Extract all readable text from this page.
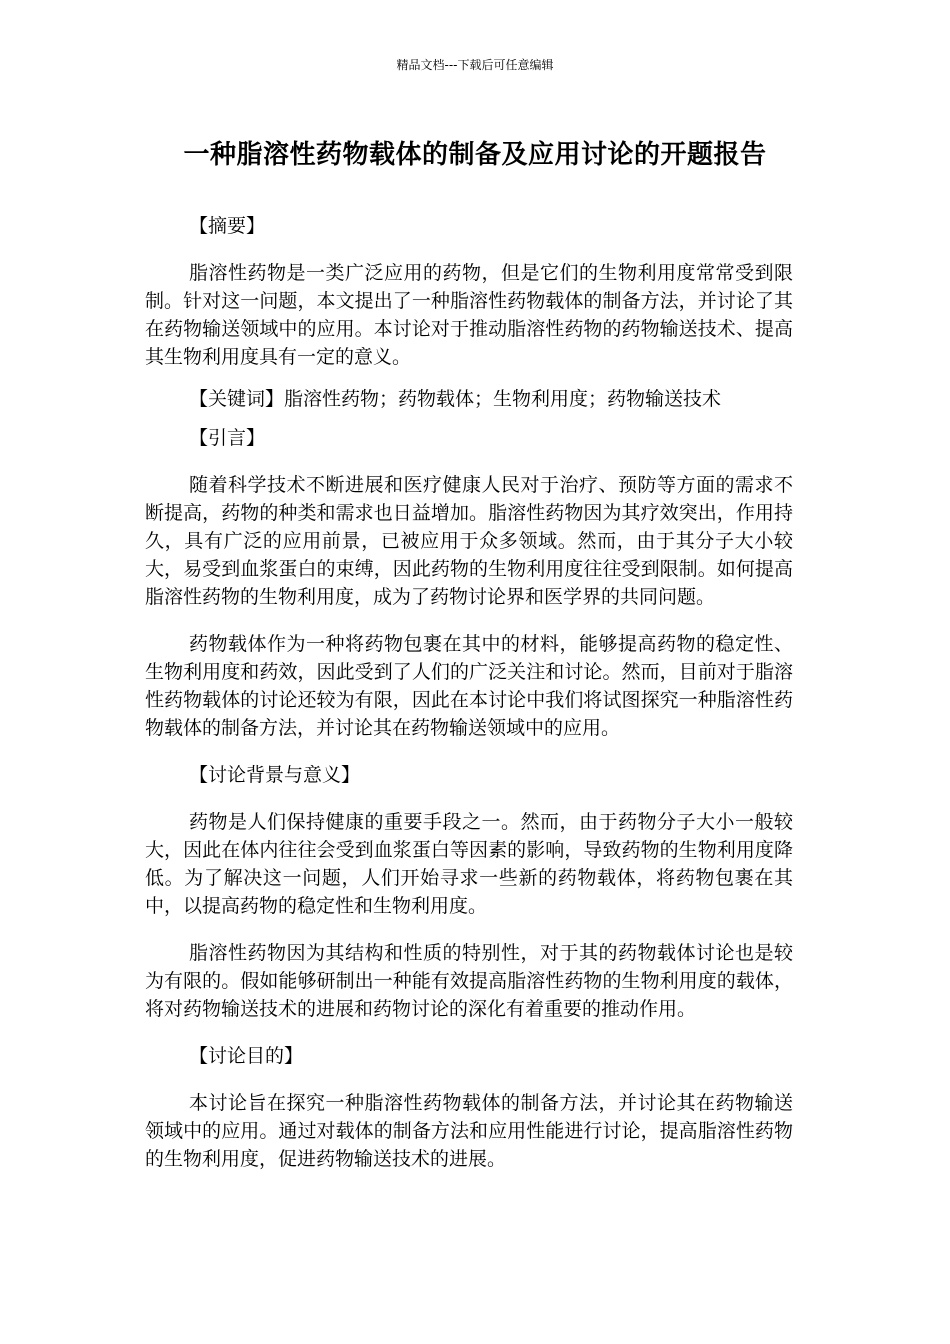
精品文档---下载后可任意编辑
一种脂溶性药物载体的制备及应用讨论的开题报告

【摘要】

脂溶性药物是一类广泛应用的药物，但是它们的生物利用度常常受到限制。针对这一问题，本文提出了一种脂溶性药物载体的制备方法，并讨论了其在药物输送领域中的应用。本讨论对于推动脂溶性药物的药物输送技术、提高其生物利用度具有一定的意义。

【关键词】脂溶性药物；药物载体；生物利用度；药物输送技术

【引言】

随着科学技术不断进展和医疗健康人民对于治疗、预防等方面的需求不断提高，药物的种类和需求也日益增加。脂溶性药物因为其疗效突出，作用持久，具有广泛的应用前景，已被应用于众多领域。然而，由于其分子大小较大，易受到血浆蛋白的束缚，因此药物的生物利用度往往受到限制。如何提高脂溶性药物的生物利用度，成为了药物讨论界和医学界的共同问题。

药物载体作为一种将药物包裹在其中的材料，能够提高药物的稳定性、生物利用度和药效，因此受到了人们的广泛关注和讨论。然而，目前对于脂溶性药物载体的讨论还较为有限，因此在本讨论中我们将试图探究一种脂溶性药物载体的制备方法，并讨论其在药物输送领域中的应用。

【讨论背景与意义】

药物是人们保持健康的重要手段之一。然而，由于药物分子大小一般较大，因此在体内往往会受到血浆蛋白等因素的影响，导致药物的生物利用度降低。为了解决这一问题，人们开始寻求一些新的药物载体，将药物包裹在其中，以提高药物的稳定性和生物利用度。

脂溶性药物因为其结构和性质的特别性，对于其的药物载体讨论也是较为有限的。假如能够研制出一种能有效提高脂溶性药物的生物利用度的载体，将对药物输送技术的进展和药物讨论的深化有着重要的推动作用。

【讨论目的】

本讨论旨在探究一种脂溶性药物载体的制备方法，并讨论其在药物输送领域中的应用。通过对载体的制备方法和应用性能进行讨论，提高脂溶性药物的生物利用度，促进药物输送技术的进展。
